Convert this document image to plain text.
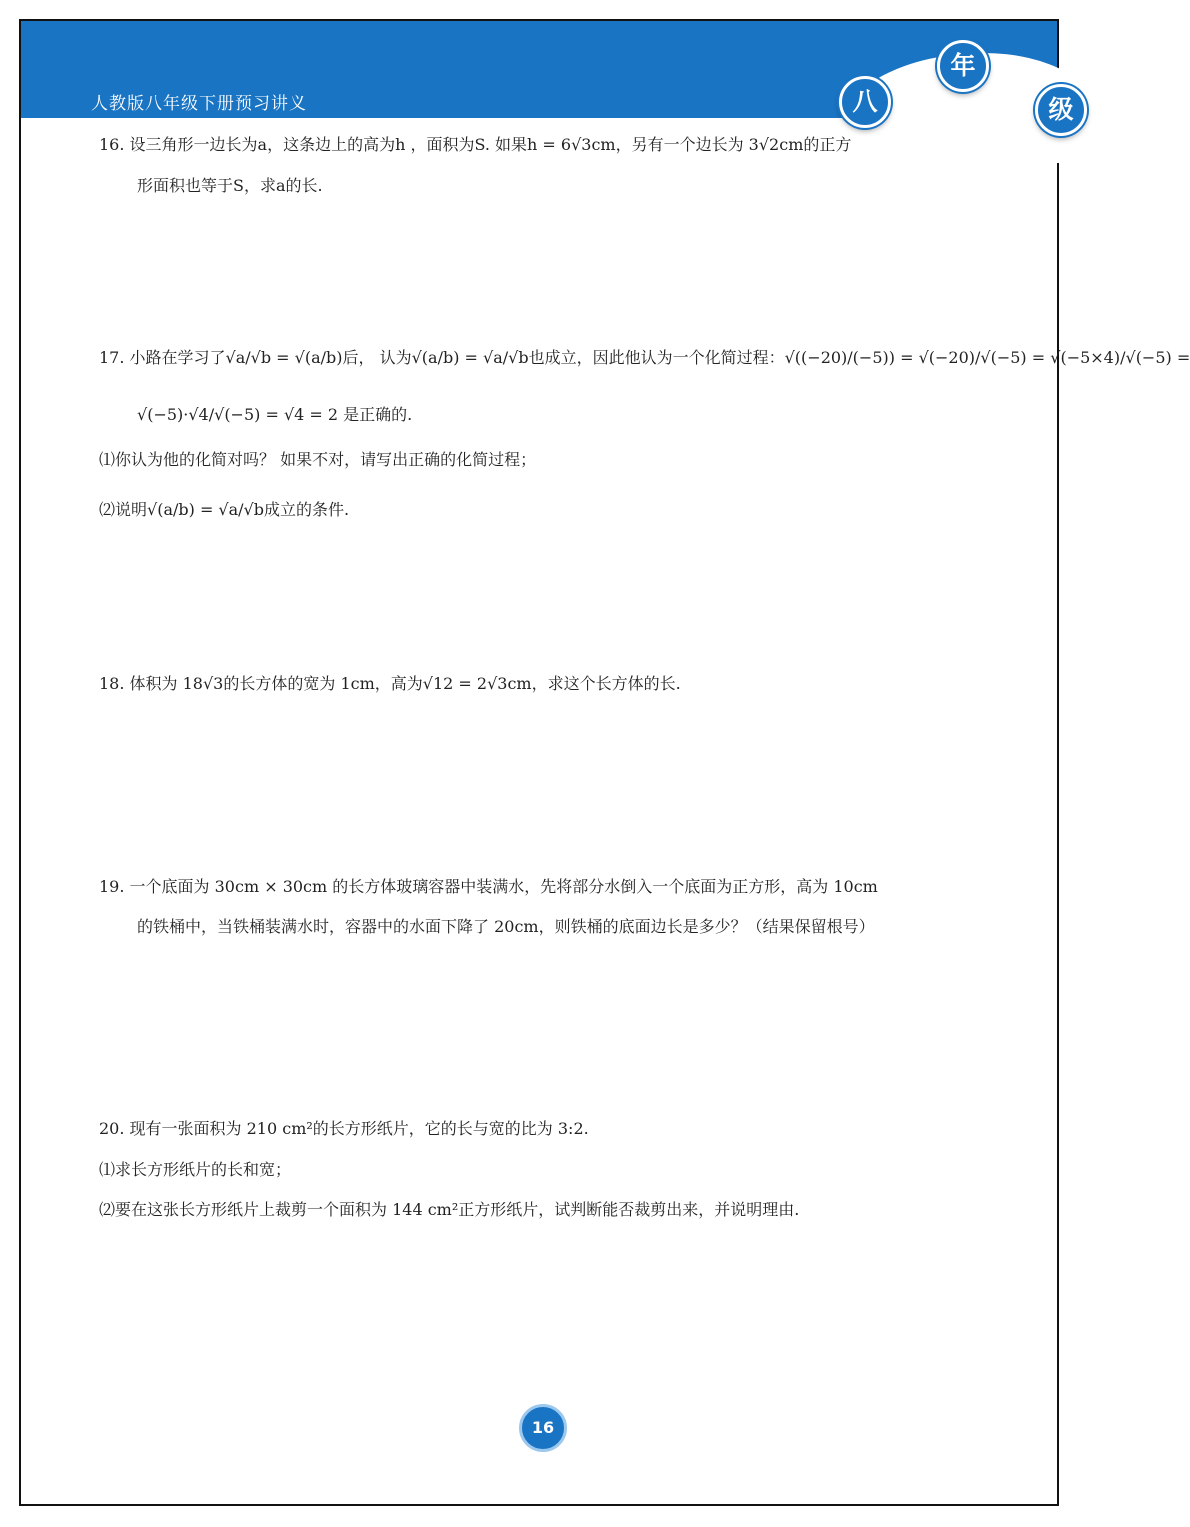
人教版八年级下册预习讲义	八
年
级
16. 设三角形一边长为a，这条边上的高为h ，面积为S. 如果h = 6√3cm，另有一个边长为 3√2cm的正方
形面积也等于S，求a的长.
17. 小路在学习了√a/√b = √(a/b)后， 认为√(a/b) = √a/√b也成立，因此他认为一个化简过程：√((−20)/(−5)) = √(−20)/√(−5) = √(−5×4)/√(−5) =
√(−5)·√4/√(−5) = √4 = 2 是正确的.
⑴你认为他的化简对吗？ 如果不对，请写出正确的化简过程；
⑵说明√(a/b) = √a/√b成立的条件.
18. 体积为 18√3的长方体的宽为 1cm，高为√12 = 2√3cm，求这个长方体的长.
19. 一个底面为 30cm × 30cm 的长方体玻璃容器中装满水，先将部分水倒入一个底面为正方形，高为 10cm
的铁桶中，当铁桶装满水时，容器中的水面下降了 20cm，则铁桶的底面边长是多少？（结果保留根号）
20. 现有一张面积为 210 cm²的长方形纸片，它的长与宽的比为 3:2.
⑴求长方形纸片的长和宽；
⑵要在这张长方形纸片上裁剪一个面积为 144 cm²正方形纸片，试判断能否裁剪出来，并说明理由.
16
